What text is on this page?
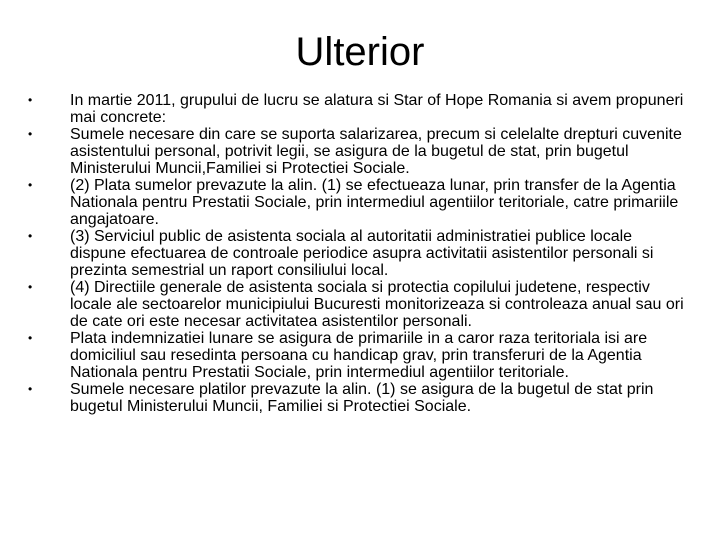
Ulterior
•	In martie 2011, grupului de lucru se alatura si Star of Hope Romania si avem propuneri mai concrete:
•	Sumele necesare din care se suporta salarizarea, precum si celelalte drepturi cuvenite asistentului personal, potrivit legii, se asigura de la bugetul de stat, prin bugetul Ministerului Muncii,Familiei si Protectiei Sociale.
•	(2) Plata sumelor prevazute la alin. (1) se efectueaza lunar, prin transfer de la Agentia Nationala pentru Prestatii Sociale, prin intermediul agentiilor teritoriale, catre primariile angajatoare.
•	(3) Serviciul public de asistenta sociala al autoritatii administratiei publice locale dispune efectuarea de controale periodice asupra activitatii asistentilor personali si prezinta semestrial un raport consiliului local.
•	(4) Directiile generale de asistenta sociala si protectia copilului judetene, respectiv locale ale sectoarelor municipiului Bucuresti monitorizeaza si controleaza anual sau ori de cate ori este necesar activitatea asistentilor personali.
•	Plata indemnizatiei lunare se asigura de primariile in a caror raza teritoriala isi are domiciliul sau resedinta persoana cu handicap grav, prin transferuri de la Agentia Nationala pentru Prestatii Sociale, prin intermediul agentiilor teritoriale.
•	Sumele necesare platilor prevazute la alin. (1) se asigura de la bugetul de stat prin bugetul Ministerului Muncii, Familiei si Protectiei Sociale.
